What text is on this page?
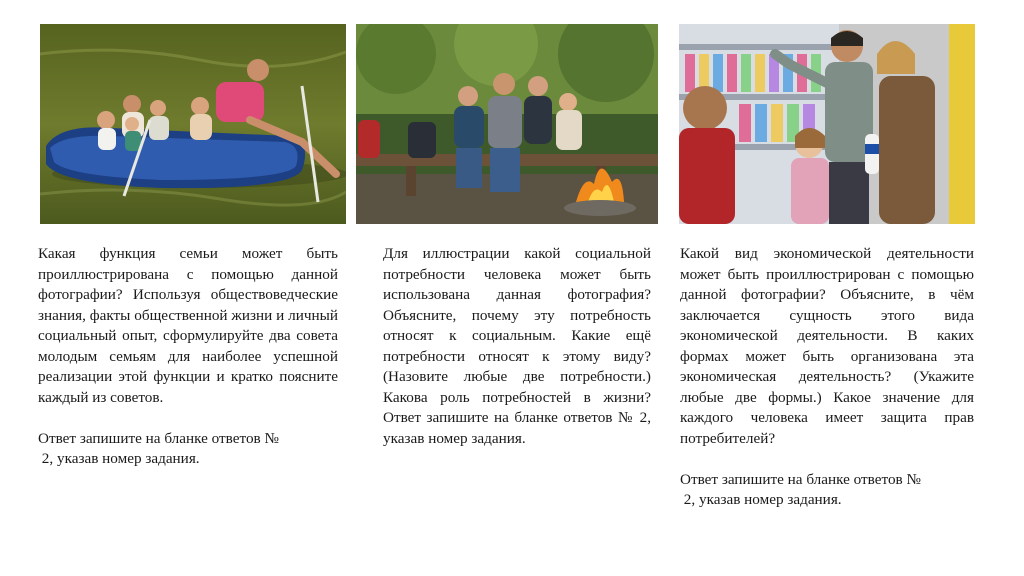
Какая функция семьи может быть проиллюстрирована с помощью данной фотографии? Используя обществоведческие знания, факты общественной жизни и личный социальный опыт, сформулируйте два совета молодым семьям для наиболее успешной реализации этой функции и кратко поясните каждый из советов.

Ответ запишите на бланке ответов №

2, указав номер задания.

Для иллюстрации какой социальной потребности человека может быть использована данная фотография? Объясните, почему эту потребность относят к социальным. Какие ещё потребности относят к этому виду? (Назовите любые две потребности.) Какова роль потребностей в жизни? Ответ запишите на бланке ответов № 2, указав номер задания.

Какой вид экономической деятельности может быть проиллюстрирован с помощью данной фотографии? Объясните, в чём заключается сущность этого вида экономической деятельности. В каких формах может быть организована эта экономическая деятельность? (Укажите любые две формы.) Какое значение для каждого человека имеет защита прав потребителей?

Ответ запишите на бланке ответов №

2, указав номер задания.
